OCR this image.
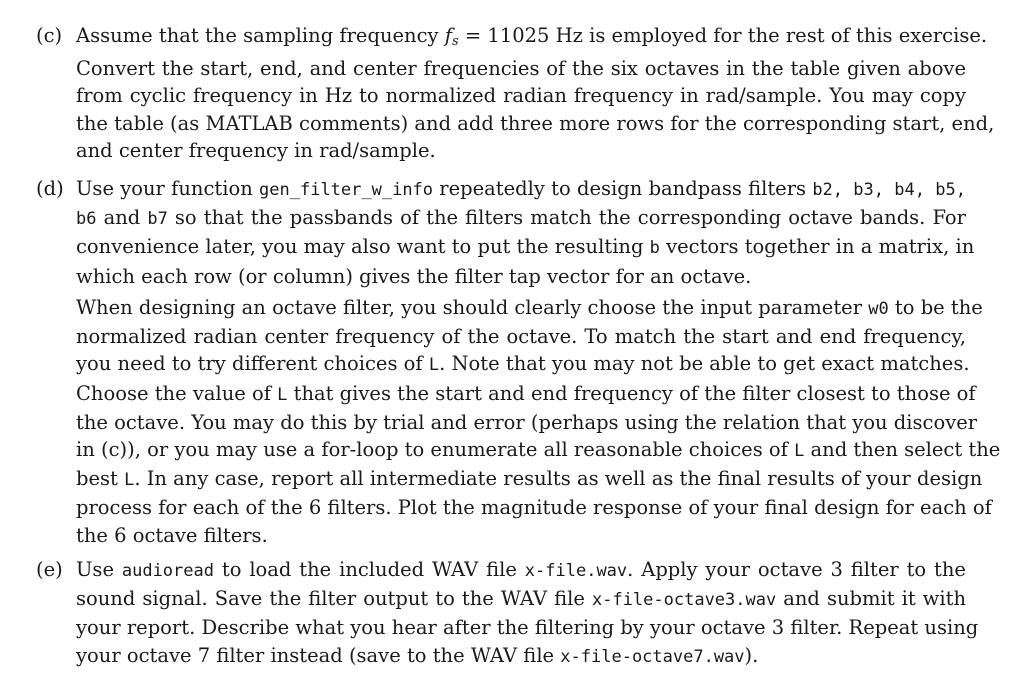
(c) Assume that the sampling frequency $f_s = 11025$ Hz is employed for the rest of this exercise.
Convert the start, end, and center frequencies of the six octaves in the table given above
from cyclic frequency in Hz to normalized radian frequency in rad/sample. You may copy
the table (as MATLAB comments) and add three more rows for the corresponding start, end,
and center frequency in rad/sample.
(d) Use your function gen_filter_w_info repeatedly to design bandpass filters b2, b3, b4, b5,
b6 and b7 so that the passbands of the filters match the corresponding octave bands. For
convenience later, you may also want to put the resulting b vectors together in a matrix, in
which each row (or column) gives the filter tap vector for an octave.
When designing an octave filter, you should clearly choose the input parameter w0 to be the
normalized radian center frequency of the octave. To match the start and end frequency,
you need to try different choices of L. Note that you may not be able to get exact matches.
Choose the value of L that gives the start and end frequency of the filter closest to those of
the octave. You may do this by trial and error (perhaps using the relation that you discover
in (c)), or you may use a for-loop to enumerate all reasonable choices of L and then select the
best L. In any case, report all intermediate results as well as the final results of your design
process for each of the 6 filters. Plot the magnitude response of your final design for each of
the 6 octave filters.
(e) Use audioread to load the included WAV file x-file.wav. Apply your octave 3 filter to the
sound signal. Save the filter output to the WAV file x-file-octave3.wav and submit it with
your report. Describe what you hear after the filtering by your octave 3 filter. Repeat using
your octave 7 filter instead (save to the WAV file x-file-octave7.wav).
